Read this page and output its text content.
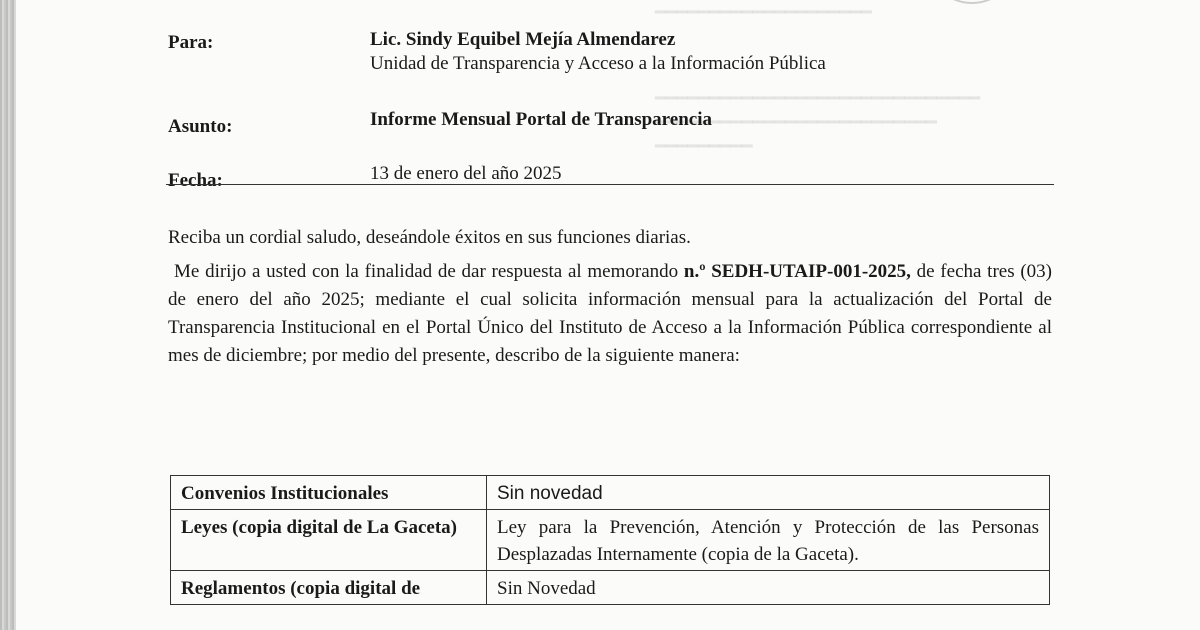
Para:	Lic. Sindy Equibel Mejía Almendarez
Unidad de Transparencia y Acceso a la Información Pública
Asunto:	Informe Mensual Portal de Transparencia
Fecha:	13 de enero del año 2025
Reciba un cordial saludo, deseándole éxitos en sus funciones diarias.
Me dirijo a usted con la finalidad de dar respuesta al memorando n.º SEDH-UTAIP-001-2025, de fecha tres (03) de enero del año 2025; mediante el cual solicita información mensual para la actualización del Portal de Transparencia Institucional en el Portal Único del Instituto de Acceso a la Información Pública correspondiente al mes de diciembre; por medio del presente, describo de la siguiente manera:
Convenios Institucionales	Sin novedad
Leyes (copia digital de La Gaceta)	Ley para la Prevención, Atención y Protección de las Personas Desplazadas Internamente (copia de la Gaceta).
Reglamentos (copia digital de	Sin Novedad
